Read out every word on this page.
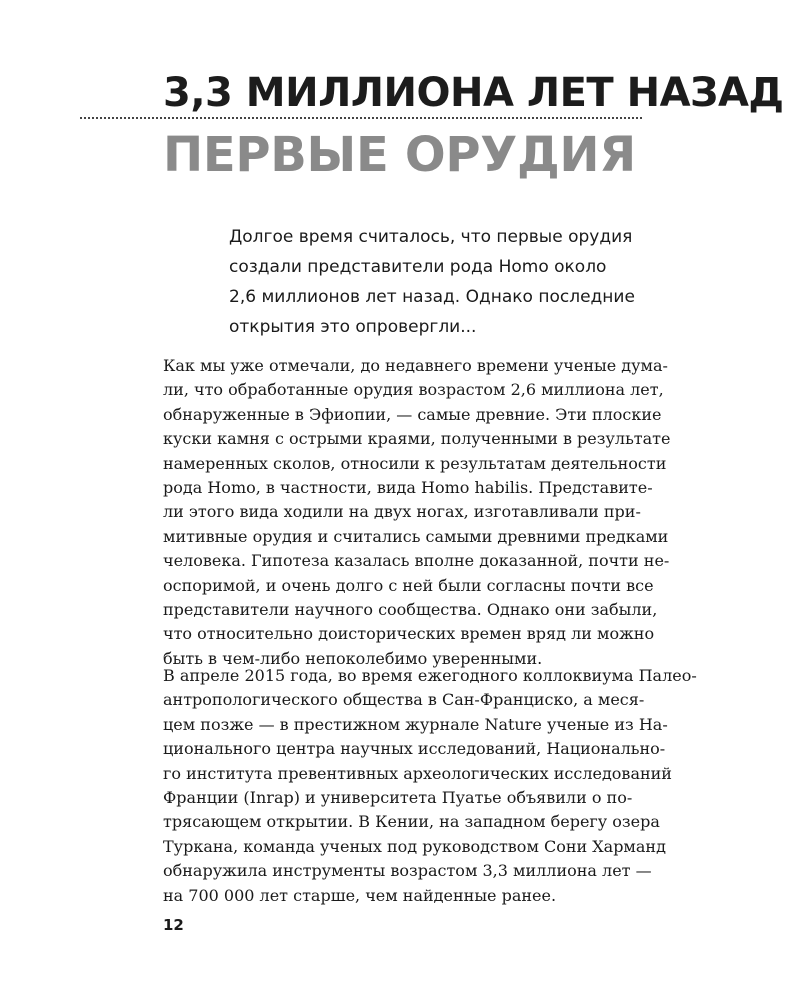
3,3 МИЛЛИОНА ЛЕТ НАЗАД
ПЕРВЫЕ ОРУДИЯ
Долгое время считалось, что первые орудия
создали представители рода Homo около
2,6 миллионов лет назад. Однако последние
открытия это опровергли...
Как мы уже отмечали, до недавнего времени ученые дума-
ли, что обработанные орудия возрастом 2,6 миллиона лет,
обнаруженные в Эфиопии, — самые древние. Эти плоские
куски камня с острыми краями, полученными в результате
намеренных сколов, относили к результатам деятельности
рода Homo, в частности, вида Homo habilis. Представите-
ли этого вида ходили на двух ногах, изготавливали при-
митивные орудия и считались самыми древними предками
человека. Гипотеза казалась вполне доказанной, почти не-
оспоримой, и очень долго с ней были согласны почти все
представители научного сообщества. Однако они забыли,
что относительно доисторических времен вряд ли можно
быть в чем-либо непоколебимо уверенными.
В апреле 2015 года, во время ежегодного коллоквиума Палео-
антропологического общества в Сан-Франциско, а меся-
цем позже — в престижном журнале Nature ученые из На-
ционального центра научных исследований, Национально-
го института превентивных археологических исследований
Франции (Inrap) и университета Пуатье объявили о по-
трясающем открытии. В Кении, на западном берегу озера
Туркана, команда ученых под руководством Сони Харманд
обнаружила инструменты возрастом 3,3 миллиона лет —
на 700 000 лет старше, чем найденные ранее.
12
